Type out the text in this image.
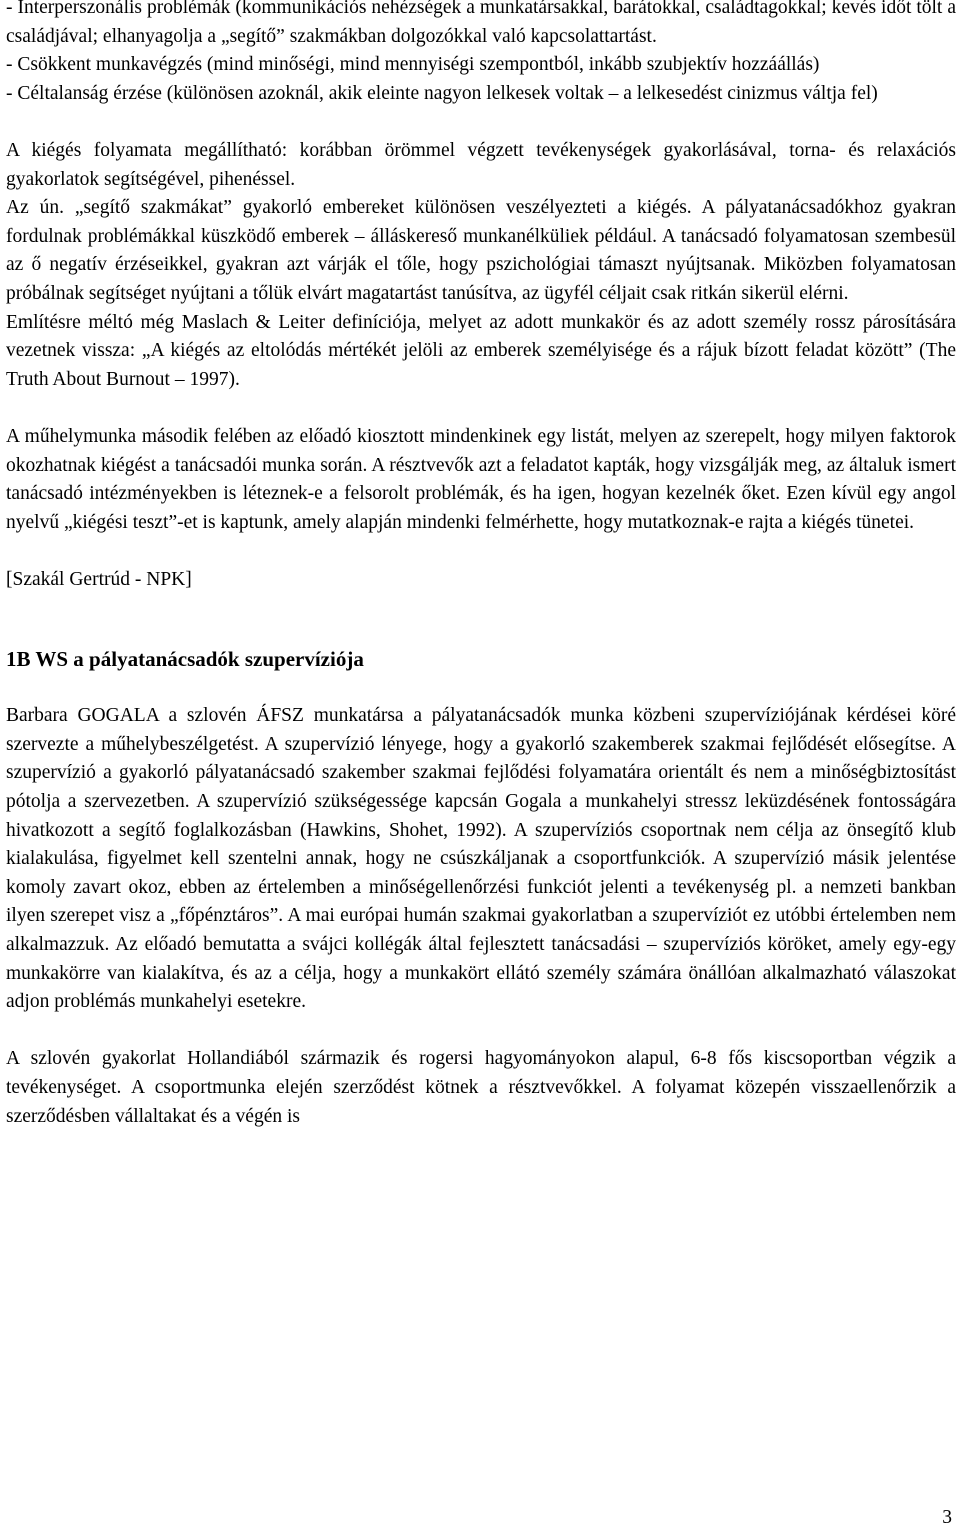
- Interperszonális problémák (kommunikációs nehézségek a munkatársakkal, barátokkal, családtagokkal; kevés időt tölt a családjával; elhanyagolja a „segítő” szakmákban dolgozókkal való kapcsolattartást.

- Csökkent munkavégzés (mind minőségi, mind mennyiségi szempontból, inkább szubjektív hozzáállás)

- Céltalanság érzése (különösen azoknál, akik eleinte nagyon lelkesek voltak – a lelkesedést cinizmus váltja fel)

A kiégés folyamata megállítható: korábban örömmel végzett tevékenységek gyakorlásával, torna- és relaxációs gyakorlatok segítségével, pihenéssel.

Az ún. „segítő szakmákat” gyakorló embereket különösen veszélyezteti a kiégés. A pályatanácsadókhoz gyakran fordulnak problémákkal küszködő emberek – álláskereső munkanélküliek például. A tanácsadó folyamatosan szembesül az ő negatív érzéseikkel, gyakran azt várják el tőle, hogy pszichológiai támaszt nyújtsanak. Miközben folyamatosan próbálnak segítséget nyújtani a tőlük elvárt magatartást tanúsítva, az ügyfél céljait csak ritkán sikerül elérni.

Említésre méltó még Maslach & Leiter definíciója, melyet az adott munkakör és az adott személy rossz párosítására vezetnek vissza: „A kiégés az eltolódás mértékét jelöli az emberek személyisége és a rájuk bízott feladat között” (The Truth About Burnout – 1997).

A műhelymunka második felében az előadó kiosztott mindenkinek egy listát, melyen az szerepelt, hogy milyen faktorok okozhatnak kiégést a tanácsadói munka során. A résztvevők azt a feladatot kapták, hogy vizsgálják meg, az általuk ismert tanácsadó intézményekben is léteznek-e a felsorolt problémák, és ha igen, hogyan kezelnék őket. Ezen kívül egy angol nyelvű „kiégési teszt”-et is kaptunk, amely alapján mindenki felmérhette, hogy mutatkoznak-e rajta a kiégés tünetei.

[Szakál Gertrúd - NPK]

1B WS a pályatanácsadók szupervíziója

Barbara GOGALA a szlovén ÁFSZ munkatársa a pályatanácsadók munka közbeni szupervíziójának kérdései köré szervezte a műhelybeszélgetést. A szupervízió lényege, hogy a gyakorló szakemberek szakmai fejlődését elősegítse. A szupervízió a gyakorló pályatanácsadó szakember szakmai fejlődési folyamatára orientált és nem a minőségbiztosítást pótolja a szervezetben. A szupervízió szükségessége kapcsán Gogala a munkahelyi stressz leküzdésének fontosságára hivatkozott a segítő foglalkozásban (Hawkins, Shohet, 1992). A szupervíziós csoportnak nem célja az önsegítő klub kialakulása, figyelmet kell szentelni annak, hogy ne csúszkáljanak a csoportfunkciók. A szupervízió másik jelentése komoly zavart okoz, ebben az értelemben a minőségellenőrzési funkciót jelenti a tevékenység pl. a nemzeti bankban ilyen szerepet visz a „főpénztáros”. A mai európai humán szakmai gyakorlatban a szupervíziót ez utóbbi értelemben nem alkalmazzuk. Az előadó bemutatta a svájci kollégák által fejlesztett tanácsadási – szupervíziós köröket, amely egy-egy munkakörre van kialakítva, és az a célja, hogy a munkakört ellátó személy számára önállóan alkalmazható válaszokat adjon problémás munkahelyi esetekre.

A szlovén gyakorlat Hollandiából származik és rogersi hagyományokon alapul, 6-8 fős kiscsoportban végzik a tevékenységet. A csoportmunka elején szerződést kötnek a résztvevőkkel. A folyamat közepén visszaellenőrzik a szerződésben vállaltakat és a végén is

3
